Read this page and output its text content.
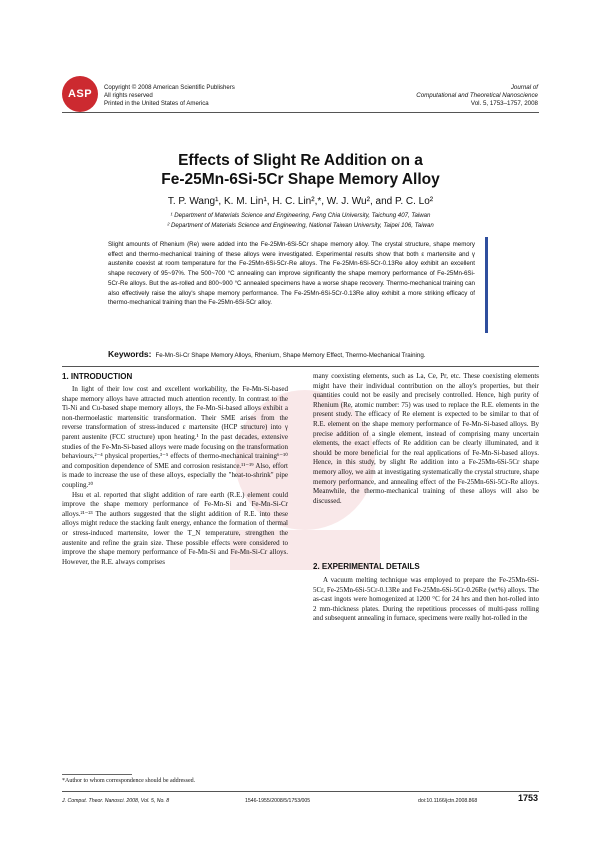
ASP
Copyright © 2008 American Scientific Publishers
All rights reserved
Printed in the United States of America
Journal of
Computational and Theoretical Nanoscience
Vol. 5, 1753–1757, 2008
Effects of Slight Re Addition on a
Fe-25Mn-6Si-5Cr Shape Memory Alloy
T. P. Wang¹, K. M. Lin¹, H. C. Lin²,*, W. J. Wu², and P. C. Lo²
¹ Department of Materials Science and Engineering, Feng Chia University, Taichung 407, Taiwan
² Department of Materials Science and Engineering, National Taiwan University, Taipei 106, Taiwan
Slight amounts of Rhenium (Re) were added into the Fe-25Mn-6Si-5Cr shape memory alloy. The crystal structure, shape memory effect and thermo-mechanical training of these alloys were investigated. Experimental results show that both ε martensite and γ austenite coexist at room temperature for the Fe-25Mn-6Si-5Cr-Re alloys. The Fe-25Mn-6Si-5Cr-0.13Re alloy exhibit an excellent shape recovery of 95~97%. The 500~700 °C annealing can improve significantly the shape memory performance of Fe-25Mn-6Si-5Cr-Re alloys. But the as-rolled and 800~900 °C annealed specimens have a worse shape recovery. Thermo-mechanical training can also effectively raise the alloy's shape memory performance. The Fe-25Mn-6Si-5Cr-0.13Re alloy exhibit a more striking efficacy of thermo-mechanical training than the Fe-25Mn-6Si-5Cr alloy.
Keywords: Fe-Mn-Si-Cr Shape Memory Alloys, Rhenium, Shape Memory Effect, Thermo-Mechanical Training.
1. INTRODUCTION

In light of their low cost and excellent workability, the Fe-Mn-Si-based shape memory alloys have attracted much attention recently. In contrast to the Ti-Ni and Cu-based shape memory alloys, the Fe-Mn-Si-based alloys exhibit a non-thermoelastic martensitic transformation. Their SME arises from the reverse transformation of stress-induced ε martensite (HCP structure) into γ parent austenite (FCC structure) upon heating.¹ In the past decades, extensive studies of the Fe-Mn-Si-based alloys were made focusing on the transformation behaviours,²⁻⁴ physical properties,³⁻⁵ effects of thermo-mechanical training⁶⁻¹⁰ and composition dependence of SME and corrosion resistance.¹¹⁻¹⁹ Also, effort is made to increase the use of these alloys, especially the "heat-to-shrink" pipe coupling.²⁰

Hsu et al. reported that slight addition of rare earth (R.E.) element could improve the shape memory performance of Fe-Mn-Si and Fe-Mn-Si-Cr alloys.²¹⁻²³ The authors suggested that the slight addition of R.E. into these alloys might reduce the stacking fault energy, enhance the formation of thermal or stress-induced martensite, lower the T_N temperature, strengthen the austenite and refine the grain size. These possible effects were considered to improve the shape memory performance of Fe-Mn-Si and Fe-Mn-Si-Cr alloys. However, the R.E. always comprises

many coexisting elements, such as La, Ce, Pr, etc. These coexisting elements might have their individual contribution on the alloy's properties, but their quantities could not be easily and precisely controlled. Hence, high purity of Rhenium (Re, atomic number: 75) was used to replace the R.E. elements in the present study. The efficacy of Re element is expected to be similar to that of R.E. element on the shape memory performance of Fe-Mn-Si-based alloys. By precise addition of a single element, instead of comprising many uncertain elements, the exact effects of Re addition can be clearly illuminated, and it should be more beneficial for the real applications of Fe-Mn-Si-based alloys. Hence, in this study, by slight Re addition into a Fe-25Mn-6Si-5Cr shape memory alloy, we aim at investigating systematically the crystal structure, shape memory performance, and annealing effect of the Fe-25Mn-6Si-5Cr-Re alloys. Meanwhile, the thermo-mechanical training of these alloys will also be discussed.

2. EXPERIMENTAL DETAILS

A vacuum melting technique was employed to prepare the Fe-25Mn-6Si-5Cr, Fe-25Mn-6Si-5Cr-0.13Re and Fe-25Mn-6Si-5Cr-0.26Re (wt%) alloys. The as-cast ingots were homogenized at 1200 °C for 24 hrs and then hot-rolled into 2 mm-thickness plates. During the repetitious processes of multi-pass rolling and subsequent annealing in furnace, specimens were really hot-rolled in the

*Author to whom correspondence should be addressed.
J. Comput. Theor. Nanosci. 2008, Vol. 5, No. 8	1546-1955/2008/5/1753/005	doi:10.1166/jctn.2008.868	1753
